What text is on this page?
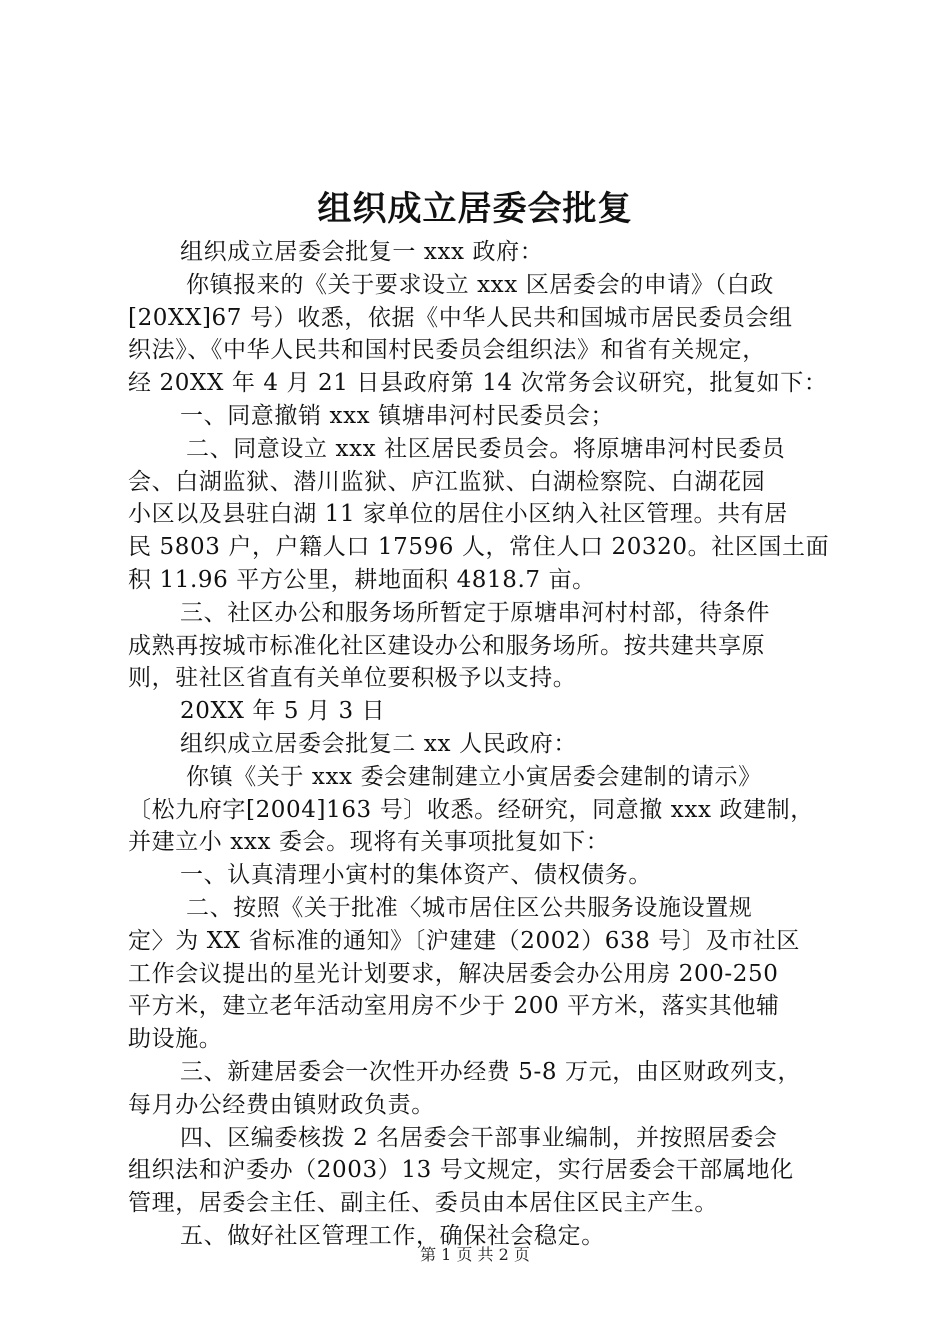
组织成立居委会批复
组织成立居委会批复一 xxx 政府：
你镇报来的《关于要求设立 xxx 区居委会的申请》（白政
[20XX]67 号）收悉，依据《中华人民共和国城市居民委员会组
织法》、《中华人民共和国村民委员会组织法》和省有关规定，
经 20XX 年 4 月 21 日县政府第 14 次常务会议研究，批复如下：
一、同意撤销 xxx 镇塘串河村民委员会；
二、同意设立 xxx 社区居民委员会。将原塘串河村民委员
会、白湖监狱、潜川监狱、庐江监狱、白湖检察院、白湖花园
小区以及县驻白湖 11 家单位的居住小区纳入社区管理。共有居
民 5803 户，户籍人口 17596 人，常住人口 20320。社区国土面
积 11.96 平方公里，耕地面积 4818.7 亩。
三、社区办公和服务场所暂定于原塘串河村村部，待条件
成熟再按城市标准化社区建设办公和服务场所。按共建共享原
则，驻社区省直有关单位要积极予以支持。
20XX 年 5 月 3 日
组织成立居委会批复二 xx 人民政府：
你镇《关于 xxx 委会建制建立小寅居委会建制的请示》
〔松九府字[2004]163 号〕收悉。经研究，同意撤 xxx 政建制，
并建立小 xxx 委会。现将有关事项批复如下：
一、认真清理小寅村的集体资产、债权债务。
二、按照《关于批准〈城市居住区公共服务设施设置规
定〉为 XX 省标准的通知》〔沪建建（2002）638 号〕及市社区
工作会议提出的星光计划要求，解决居委会办公用房 200-250
平方米，建立老年活动室用房不少于 200 平方米，落实其他辅
助设施。
三、新建居委会一次性开办经费 5-8 万元，由区财政列支，
每月办公经费由镇财政负责。
四、区编委核拨 2 名居委会干部事业编制，并按照居委会
组织法和沪委办（2003）13 号文规定，实行居委会干部属地化
管理，居委会主任、副主任、委员由本居住区民主产生。
五、做好社区管理工作，确保社会稳定。
第 1 页 共 2 页
